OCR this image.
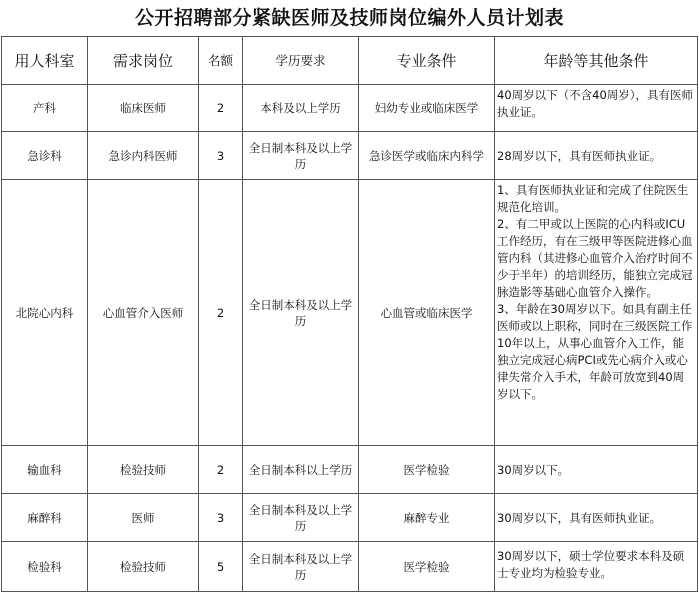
公开招聘部分紧缺医师及技师岗位编外人员计划表
用人科室	需求岗位	名额	学历要求	专业条件	年龄等其他条件
产科	临床医师	2	本科及以上学历	妇幼专业或临床医学	40周岁以下（不含40周岁），具有医师执业证。
急诊科	急诊内科医师	3	全日制本科及以上学历	急诊医学或临床内科学	28周岁以下，具有医师执业证。
北院心内科	心血管介入医师	2	全日制本科及以上学历	心血管或临床医学	1、具有医师执业证和完成了住院医生规范化培训。
2、有二甲或以上医院的心内科或ICU工作经历，有在三级甲等医院进修心血管内科（其进修心血管介入治疗时间不少于半年）的培训经历，能独立完成冠脉造影等基础心血管介入操作。
3、年龄在30周岁以下。如具有副主任医师或以上职称，同时在三级医院工作10年以上，从事心血管介入工作，能独立完成冠心病PCI或先心病介入或心律失常介入手术，年龄可放宽到40周岁以下。

输血科	检验技师	2	全日制本科以上学历	医学检验	30周岁以下。
麻醉科	医师	3	全日制本科及以上学历	麻醉专业	30周岁以下，具有医师执业证。
检验科	检验技师	5	全日制本科及以上学历	医学检验	30周岁以下，硕士学位要求本科及硕士专业均为检验专业。
